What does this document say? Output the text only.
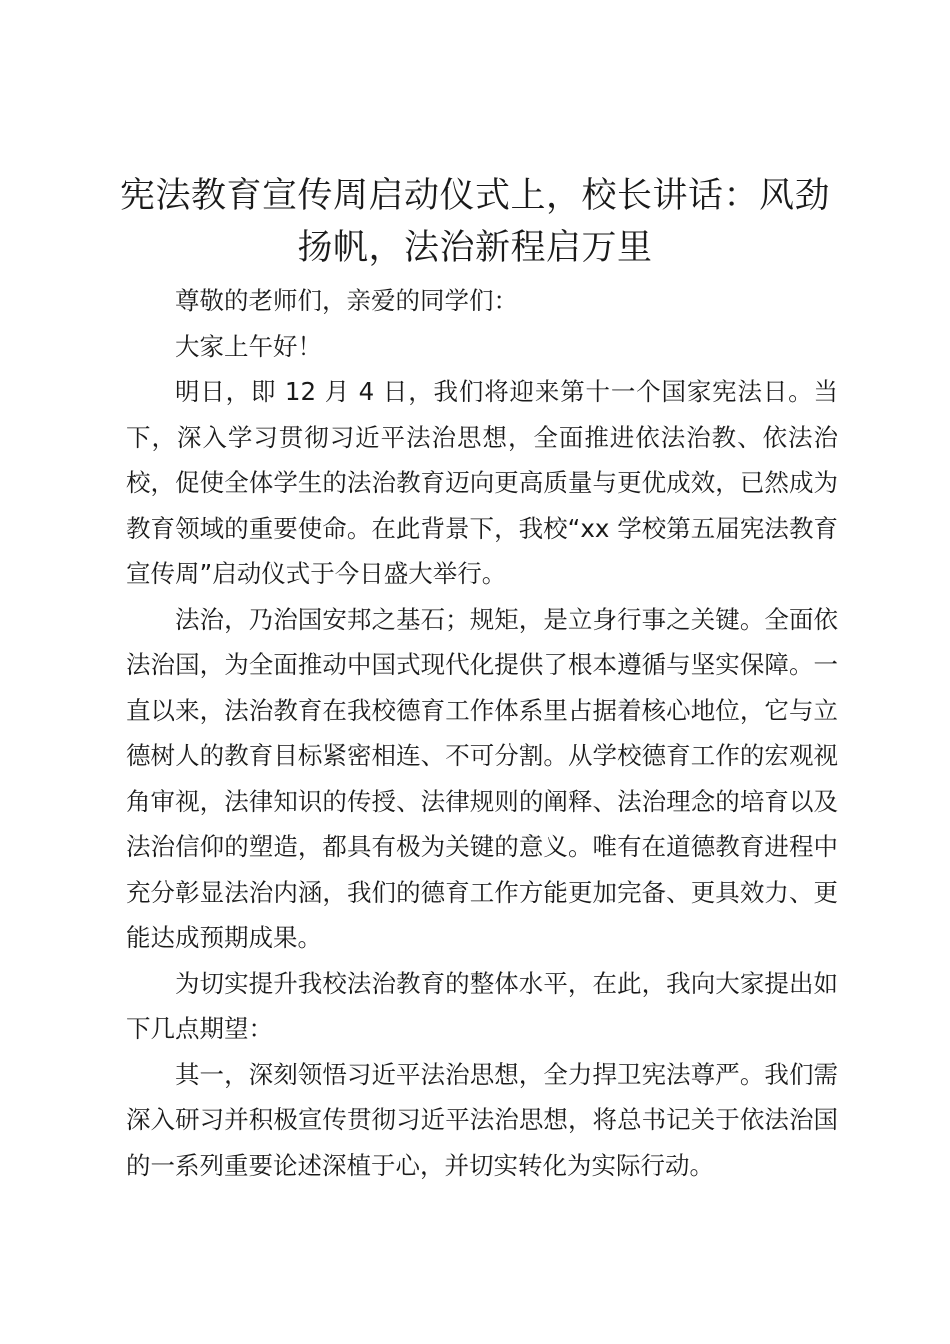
宪法教育宣传周启动仪式上，校长讲话：风劲扬帆，法治新程启万里

尊敬的老师们，亲爱的同学们：

大家上午好！

明日，即 12 月 4 日，我们将迎来第十一个国家宪法日。当下，深入学习贯彻习近平法治思想，全面推进依法治教、依法治校，促使全体学生的法治教育迈向更高质量与更优成效，已然成为教育领域的重要使命。在此背景下，我校“xx 学校第五届宪法教育宣传周”启动仪式于今日盛大举行。

法治，乃治国安邦之基石；规矩，是立身行事之关键。全面依法治国，为全面推动中国式现代化提供了根本遵循与坚实保障。一直以来，法治教育在我校德育工作体系里占据着核心地位，它与立德树人的教育目标紧密相连、不可分割。从学校德育工作的宏观视角审视，法律知识的传授、法律规则的阐释、法治理念的培育以及法治信仰的塑造，都具有极为关键的意义。唯有在道德教育进程中充分彰显法治内涵，我们的德育工作方能更加完备、更具效力、更能达成预期成果。

为切实提升我校法治教育的整体水平，在此，我向大家提出如下几点期望：

其一，深刻领悟习近平法治思想，全力捍卫宪法尊严。我们需深入研习并积极宣传贯彻习近平法治思想，将总书记关于依法治国的一系列重要论述深植于心，并切实转化为实际行动。
